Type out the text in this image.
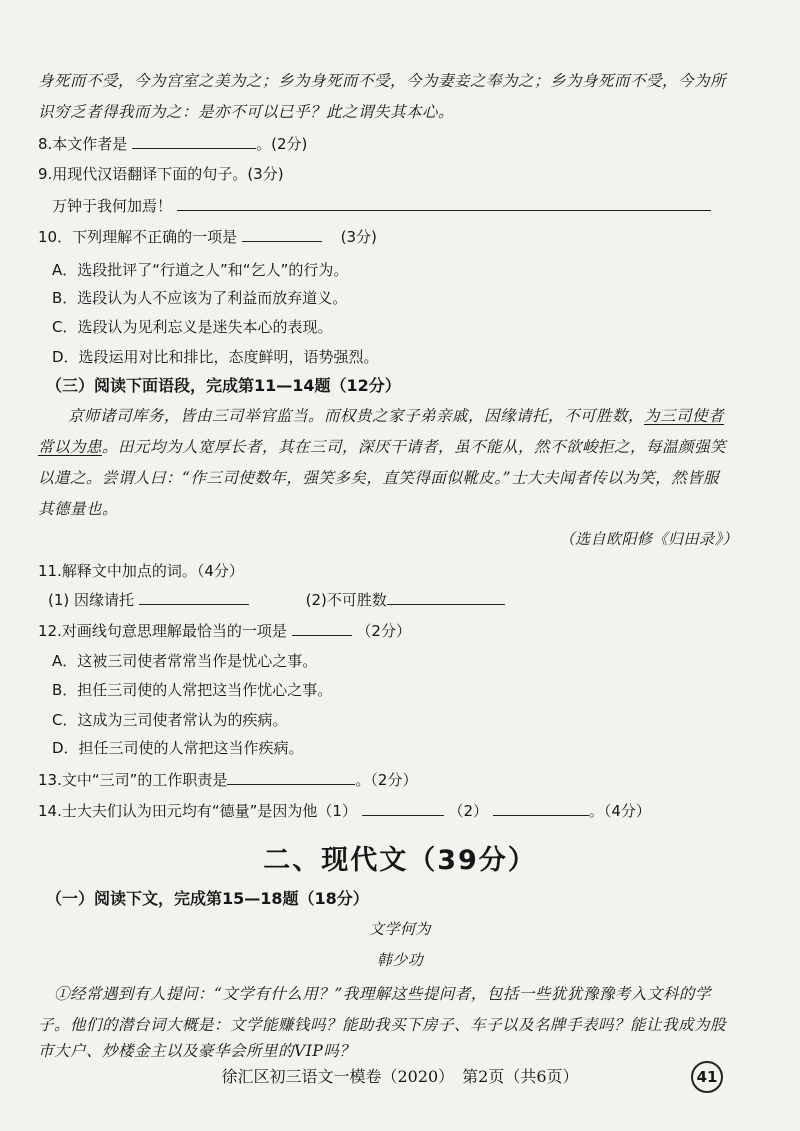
身死而不受，今为宫室之美为之；乡为身死而不受，今为妻妾之奉为之；乡为身死而不受，今为所
识穷乏者得我而为之：是亦不可以已乎？此之谓失其本心。
8.本文作者是	。(2分)
9.用现代汉语翻译下面的句子。(3分)
万钟于我何加焉！
10．下列理解不正确的一项是	(3分)
A．选段批评了“行道之人”和“乞人”的行为。
B．选段认为人不应该为了利益而放弃道义。
C．选段认为见利忘义是迷失本心的表现。
D．选段运用对比和排比，态度鲜明，语势强烈。
（三）阅读下面语段，完成第11—14题（12分）
京师诸司库务，皆由三司举官监当。而权贵之家子弟亲戚，因缘请托，不可胜数，为三司使者
常以为患。田元均为人宽厚长者，其在三司，深厌干请者，虽不能从，然不欲峻拒之，每温颜强笑
以遣之。尝谓人曰：“作三司使数年，强笑多矣，直笑得面似靴皮。”士大夫闻者传以为笑，然皆服
其德量也。
（选自欧阳修《归田录》）
11.解释文中加点的词。（4分）
(1) 因缘请托	(2)不可胜数
12.对画线句意思理解最恰当的一项是	（2分）
A．这被三司使者常常当作是忧心之事。
B．担任三司使的人常把这当作忧心之事。
C．这成为三司使者常认为的疾病。
D．担任三司使的人常把这当作疾病。
13.文中“三司”的工作职责是	。（2分）
14.士大夫们认为田元均有“德量”是因为他（1）	（2）	。（4分）
二、现代文（39分）
（一）阅读下文，完成第15—18题（18分）
文学何为
韩少功
①经常遇到有人提问：“文学有什么用？”我理解这些提问者，包括一些犹犹豫豫考入文科的学
子。他们的潜台词大概是：文学能赚钱吗？能助我买下房子、车子以及名牌手表吗？能让我成为股
市大户、炒楼金主以及豪华会所里的VIP吗？
徐汇区初三语文一模卷（2020）　第2页（共6页）	41
